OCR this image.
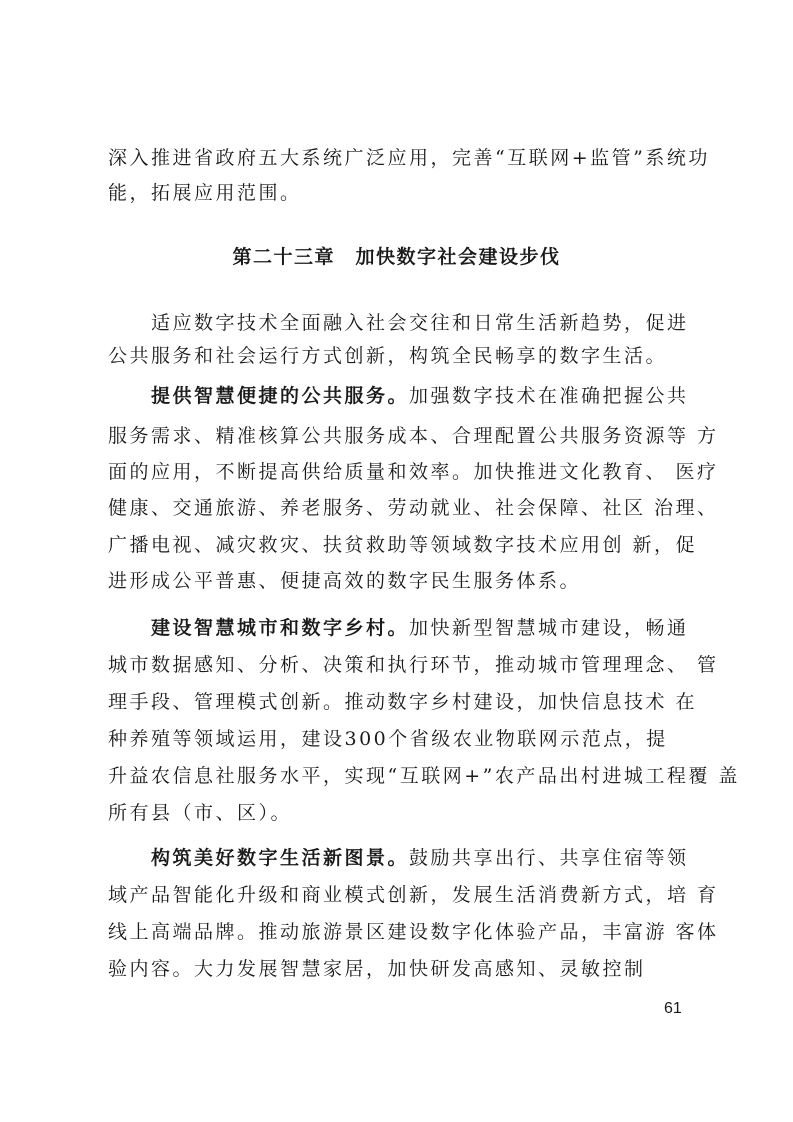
深入推进省政府五大系统广泛应用，完善“互联网+监管”系统功
能，拓展应用范围。
第二十三章　加快数字社会建设步伐
　　适应数字技术全面融入社会交往和日常生活新趋势，促进
公共服务和社会运行方式创新，构筑全民畅享的数字生活。
　　提供智慧便捷的公共服务。加强数字技术在准确把握公共
服务需求、精准核算公共服务成本、合理配置公共服务资源等 方
面的应用，不断提高供给质量和效率。加快推进文化教育、 医疗
健康、交通旅游、养老服务、劳动就业、社会保障、社区 治理、
广播电视、减灾救灾、扶贫救助等领域数字技术应用创 新，促
进形成公平普惠、便捷高效的数字民生服务体系。
　　建设智慧城市和数字乡村。加快新型智慧城市建设，畅通
城市数据感知、分析、决策和执行环节，推动城市管理理念、 管
理手段、管理模式创新。推动数字乡村建设，加快信息技术 在
种养殖等领域运用，建设300个省级农业物联网示范点，提
升益农信息社服务水平，实现“互联网+”农产品出村进城工程覆 盖
所有县（市、区）。
　　构筑美好数字生活新图景。鼓励共享出行、共享住宿等领
域产品智能化升级和商业模式创新，发展生活消费新方式，培 育
线上高端品牌。推动旅游景区建设数字化体验产品，丰富游 客体
验内容。大力发展智慧家居，加快研发高感知、灵敏控制
61
